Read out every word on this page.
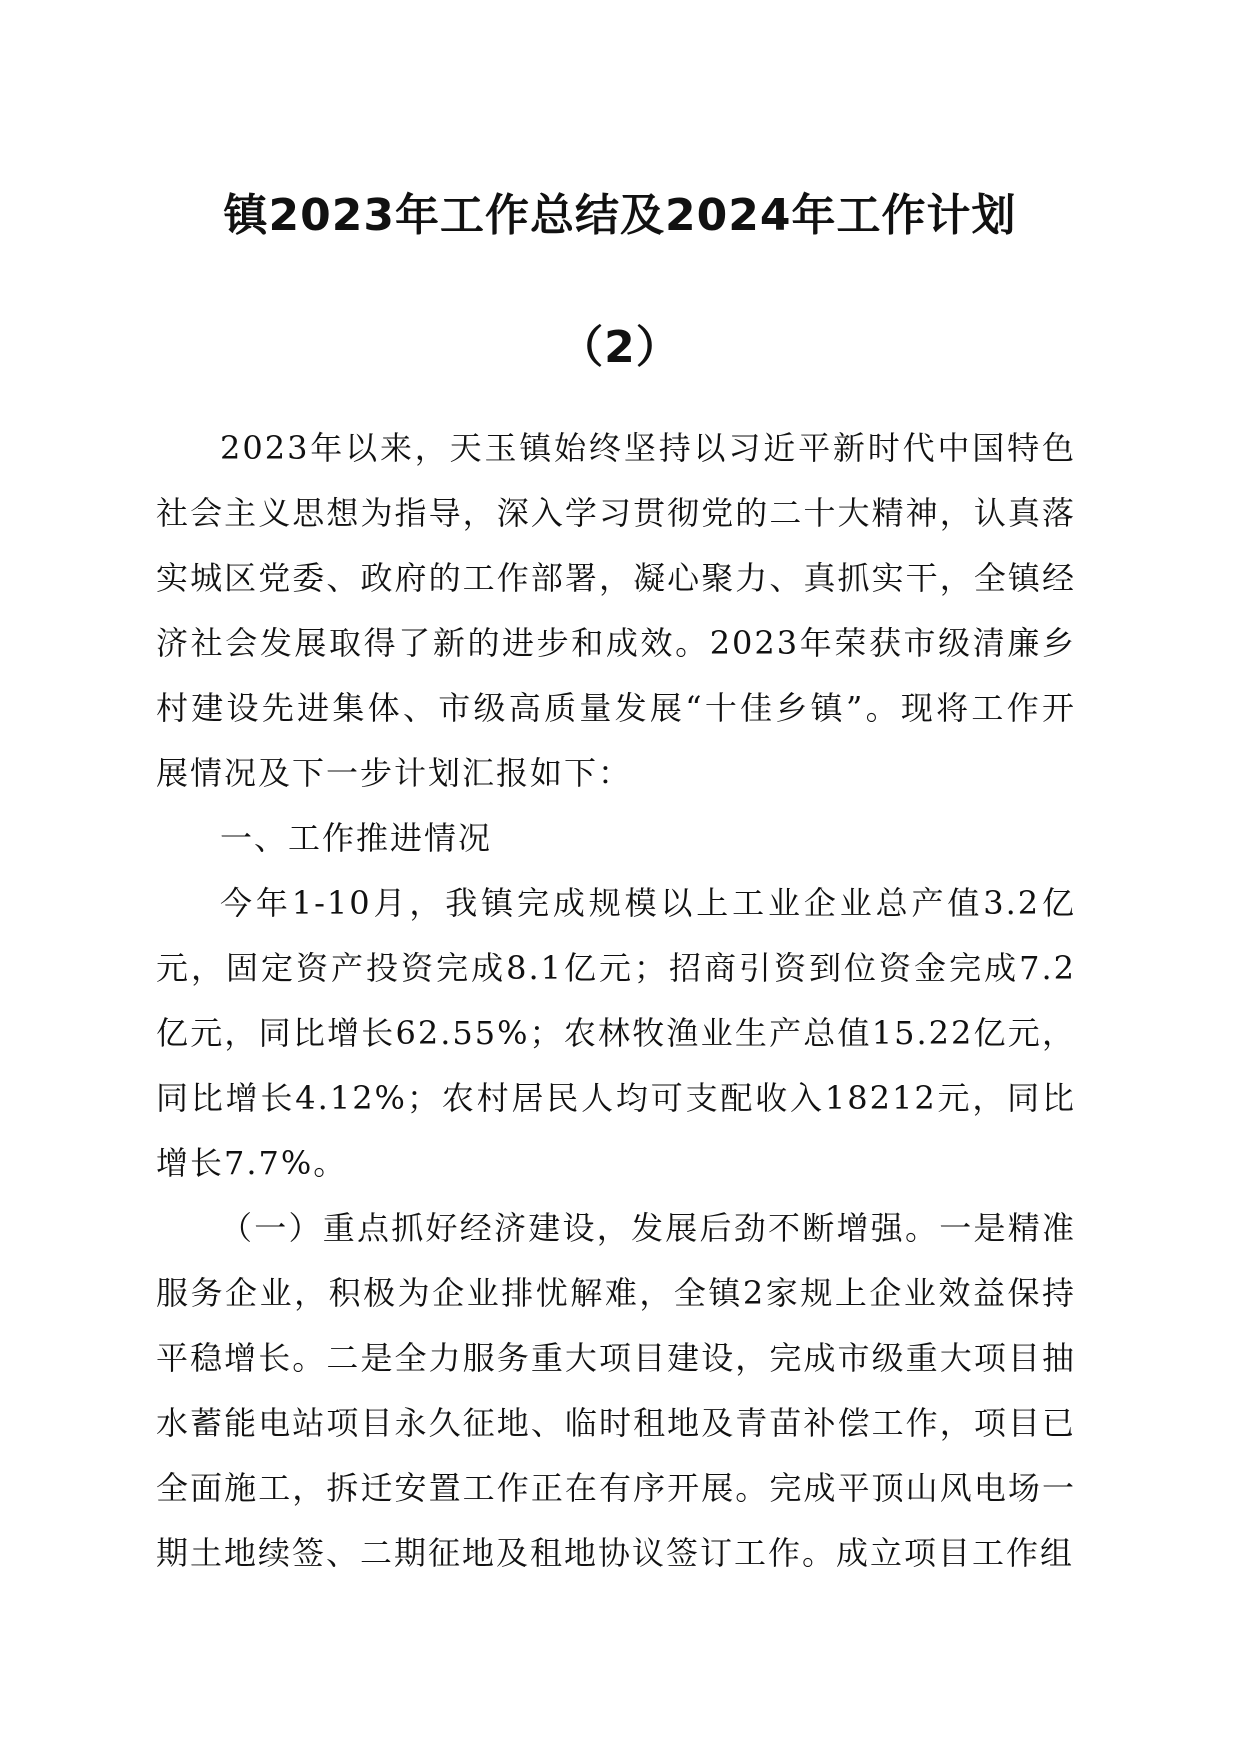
镇2023年工作总结及2024年工作计划
（2）

2023年以来，天玉镇始终坚持以习近平新时代中国特色社会主义思想为指导，深入学习贯彻党的二十大精神，认真落实城区党委、政府的工作部署，凝心聚力、真抓实干，全镇经济社会发展取得了新的进步和成效。2023年荣获市级清廉乡村建设先进集体、市级高质量发展“十佳乡镇”。现将工作开展情况及下一步计划汇报如下：

一、工作推进情况

今年1-10月，我镇完成规模以上工业企业总产值3.2亿元，固定资产投资完成8.1亿元；招商引资到位资金完成7.2亿元，同比增长62.55%；农林牧渔业生产总值15.22亿元，同比增长4.12%；农村居民人均可支配收入18212元，同比增长7.7%。

（一）重点抓好经济建设，发展后劲不断增强。一是精准服务企业，积极为企业排忧解难，全镇2家规上企业效益保持平稳增长。二是全力服务重大项目建设，完成市级重大项目抽水蓄能电站项目永久征地、临时租地及青苗补偿工作，项目已全面施工，拆迁安置工作正在有序开展。完成平顶山风电场一期土地续签、二期征地及租地协议签订工作。成立项目工作组
